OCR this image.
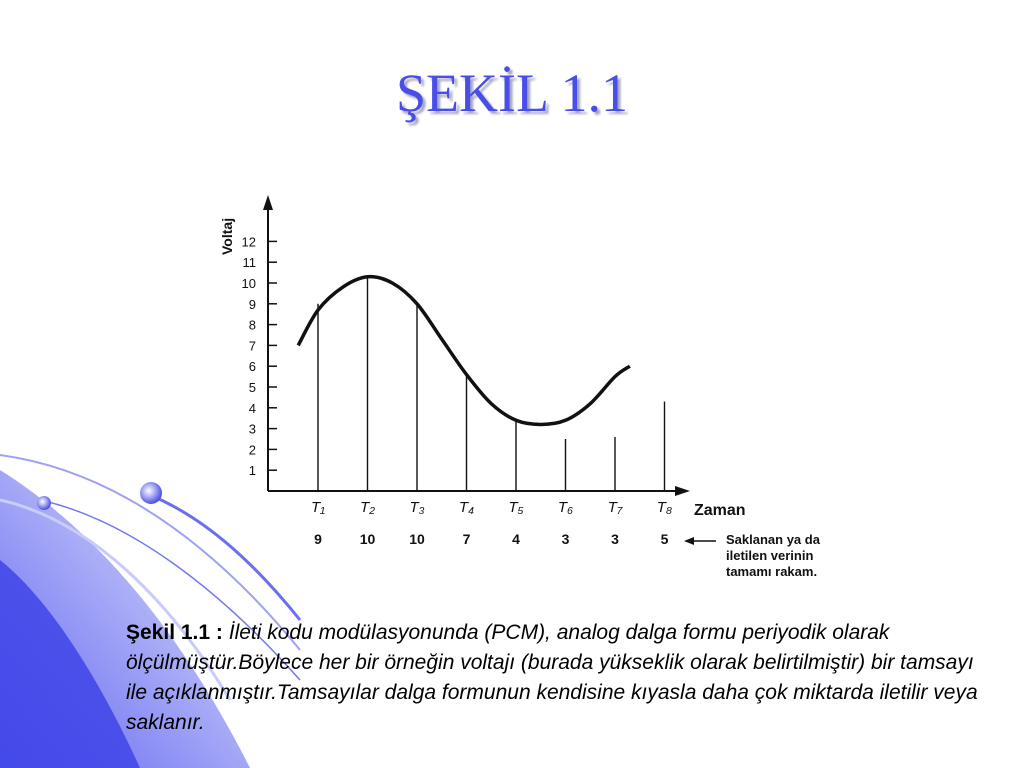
ŞEKİL 1.1
1
2
3
4
5
6
7
8
9
10
11
12
T₁ T₂ T₃ T₄ T₅ T₆ T₇ T₈
9	10 10	7	4	3	3	5
Voltaj
Zaman
Saklanan ya da
iletilen verinin
tamamı rakam.
Şekil 1.1 : İleti kodu modülasyonunda (PCM), analog dalga formu periyodik olarak ölçülmüştür.Böylece her bir örneğin voltajı (burada yükseklik olarak belirtilmiştir) bir tamsayı ile açıklanmıştır.Tamsayılar dalga formunun kendisine kıyasla daha çok miktarda iletilir veya saklanır.
